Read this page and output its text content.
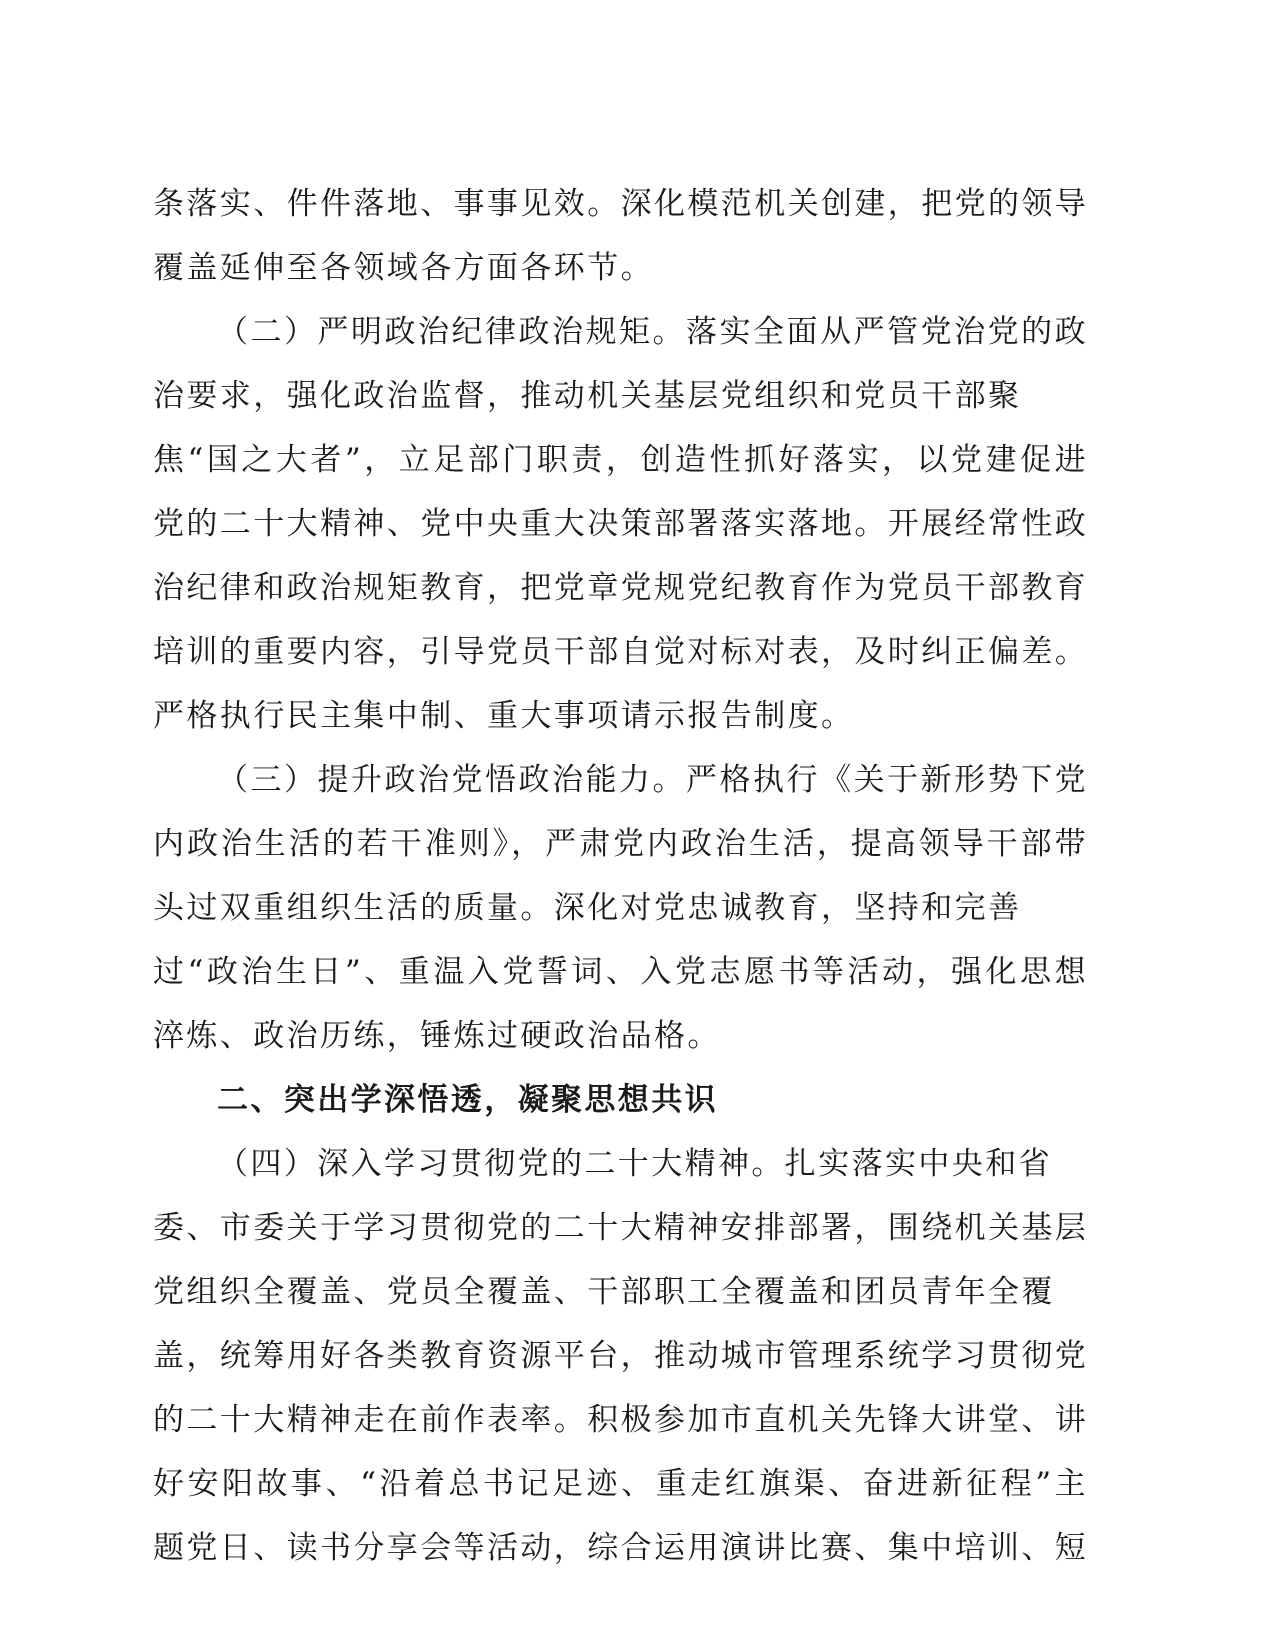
条落实、件件落地、事事见效。深化模范机关创建，把党的领导
覆盖延伸至各领域各方面各环节。
（二）严明政治纪律政治规矩。落实全面从严管党治党的政
治要求，强化政治监督，推动机关基层党组织和党员干部聚
焦“国之大者”，立足部门职责，创造性抓好落实，以党建促进
党的二十大精神、党中央重大决策部署落实落地。开展经常性政
治纪律和政治规矩教育，把党章党规党纪教育作为党员干部教育
培训的重要内容，引导党员干部自觉对标对表，及时纠正偏差。
严格执行民主集中制、重大事项请示报告制度。
（三）提升政治党悟政治能力。严格执行《关于新形势下党
内政治生活的若干准则》，严肃党内政治生活，提高领导干部带
头过双重组织生活的质量。深化对党忠诚教育，坚持和完善
过“政治生日”、重温入党誓词、入党志愿书等活动，强化思想
淬炼、政治历练，锤炼过硬政治品格。
二、突出学深悟透，凝聚思想共识
（四）深入学习贯彻党的二十大精神。扎实落实中央和省
委、市委关于学习贯彻党的二十大精神安排部署，围绕机关基层
党组织全覆盖、党员全覆盖、干部职工全覆盖和团员青年全覆
盖，统筹用好各类教育资源平台，推动城市管理系统学习贯彻党
的二十大精神走在前作表率。积极参加市直机关先锋大讲堂、讲
好安阳故事、“沿着总书记足迹、重走红旗渠、奋进新征程”主
题党日、读书分享会等活动，综合运用演讲比赛、集中培训、短
